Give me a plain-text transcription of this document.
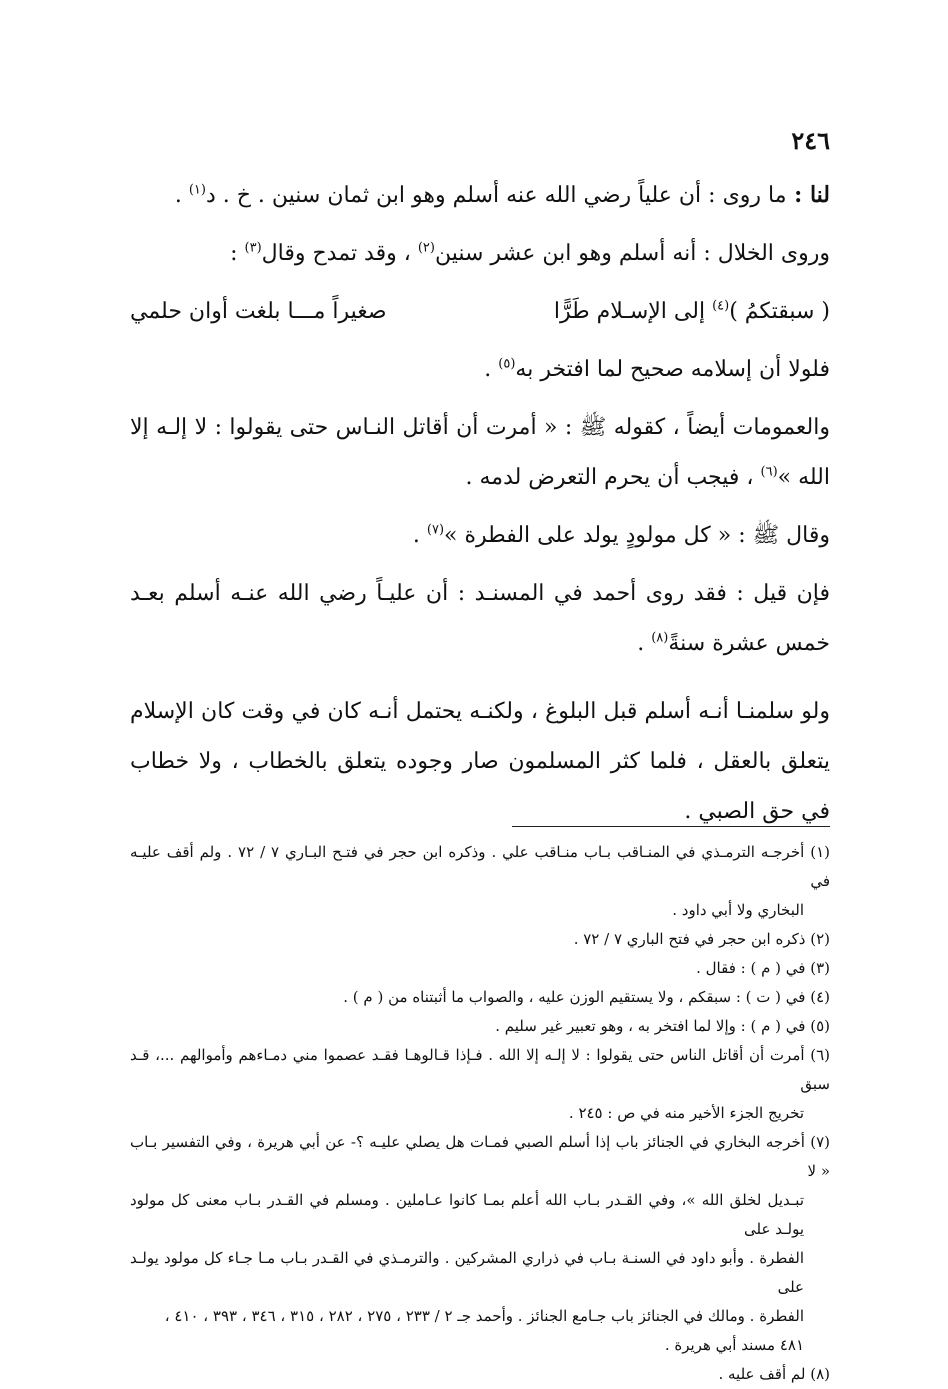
٢٤٦

لنا : ما روى : أن علياً رضي الله عنه أسلم وهو ابن ثمان سنين . خ . د$^{(١)}$ .

وروى الخلال : أنه أسلم وهو ابن عشر سنين$^{(٢)}$ ، وقد تمدح وقال$^{(٣)}$ :

( سبقتكمُ )$^{(٤)}$ إلى الإسـلام طَرًّا
صغيراً مـــا بلغت أوان حلمي

فلولا أن إسلامه صحيح لما افتخر به$^{(٥)}$ .

والعمومات أيضاً ، كقوله ﷺ : « أمرت أن أقاتل النـاس حتى يقولوا : لا إلـه إلا الله »$^{(٦)}$ ، فيجب أن يحرم التعرض لدمه .

وقال ﷺ : « كل مولودٍ يولد على الفطرة »$^{(٧)}$ .

فإن قيل : فقد روى أحمد في المسنـد : أن عليـاً رضي الله عنـه أسلم بعـد خمس عشرة سنةً$^{(٨)}$ .

ولو سلمنـا أنـه أسلم قبل البلوغ ، ولكنـه يحتمل أنـه كان في وقت كان الإسلام يتعلق بالعقل ، فلما كثر المسلمون صار وجوده يتعلق بالخطاب ، ولا خطاب في حق الصبي .

(١) أخرجـه الترمـذي في المنـاقب بـاب منـاقب علي . وذكره ابن حجر في فتـح البـاري ٧ / ٧٢ . ولم أقف عليـه في

البخاري ولا أبي داود .

(٢) ذكره ابن حجر في فتح الباري ٧ / ٧٢ .

(٣) في ( م ) : فقال .

(٤) في ( ت ) : سبقكم ، ولا يستقيم الوزن عليه ، والصواب ما أثبتناه من ( م ) .

(٥) في ( م ) : وإلا لما افتخر به ، وهو تعبير غير سليم .

(٦) أمرت أن أقاتل الناس حتى يقولوا : لا إلـه إلا الله . فـإذا قـالوهـا فقـد عصموا مني دمـاءهم وأموالهم ...، قـد سبق

تخريج الجزء الأخير منه في ص : ٢٤٥ .

(٧) أخرجه البخاري في الجنائز باب إذا أسلم الصبي فمـات هل يصلي عليـه ؟- عن أبي هريرة ، وفي التفسير بـاب « لا

تبـديل لخلق الله »، وفي القـدر بـاب الله أعلم بمـا كانوا عـاملين . ومسلم في القـدر بـاب معنى كل مولود يولـد على

الفطرة . وأبو داود في السنـة بـاب في ذراري المشركين . والترمـذي في القـدر بـاب مـا جـاء كل مولود يولـد على

الفطرة . ومالك في الجنائز باب جـامع الجنائز . وأحمد جـ ٢ / ٢٣٣ ، ٢٧٥ ، ٢٨٢ ، ٣١٥ ، ٣٤٦ ، ٣٩٣ ، ٤١٠ ،

٤٨١ مسند أبي هريرة .

(٨) لم أقف عليه .
